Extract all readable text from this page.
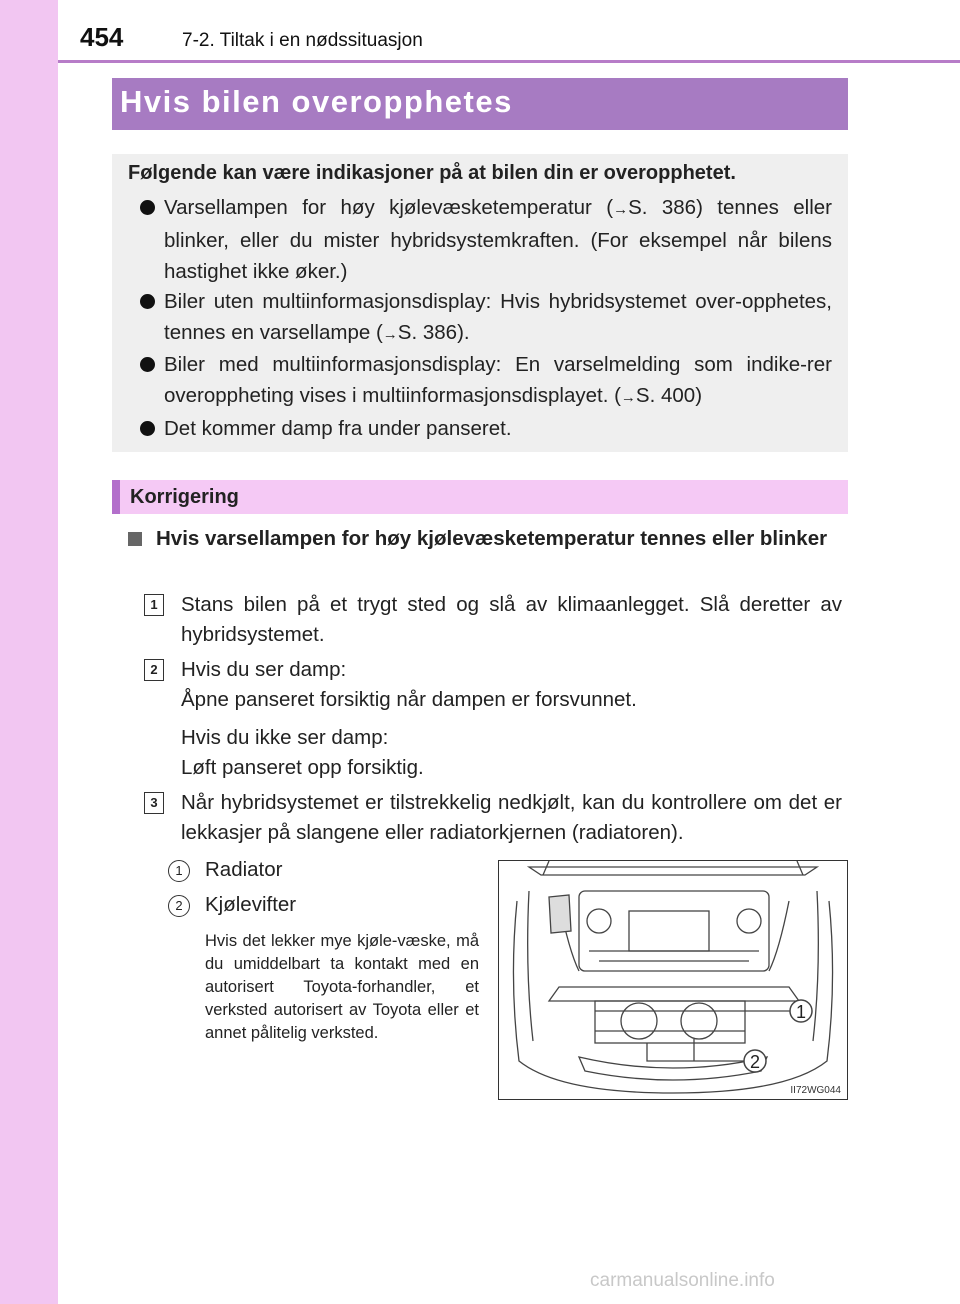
454	7-2. Tiltak i en nødssituasjon
Hvis bilen overopphetes
Følgende kan være indikasjoner på at bilen din er overopphetet.
Varsellampen for høy kjølevæsketemperatur (→S. 386) tennes eller blinker, eller du mister hybridsystemkraften. (For eksempel når bilens hastighet ikke øker.)
Biler uten multiinformasjonsdisplay: Hvis hybridsystemet over-opphetes, tennes en varsellampe (→S. 386).
Biler med multiinformasjonsdisplay: En varselmelding som indike-rer overoppheting vises i multiinformasjonsdisplayet. (→S. 400)
Det kommer damp fra under panseret.
Korrigering
Hvis varsellampen for høy kjølevæsketemperatur tennes eller blinker
1	Stans bilen på et trygt sted og slå av klimaanlegget. Slå deretter av hybridsystemet.
2	Hvis du ser damp:
Åpne panseret forsiktig når dampen er forsvunnet.
Hvis du ikke ser damp:
Løft panseret opp forsiktig.
3	Når hybridsystemet er tilstrekkelig nedkjølt, kan du kontrollere om det er lekkasjer på slangene eller radiatorkjernen (radiatoren).
1	Radiator
2	Kjølevifter
Hvis det lekker mye kjøle-væske, må du umiddelbart ta kontakt med en autorisert Toyota-forhandler, et verksted autorisert av Toyota eller et annet pålitelig verksted.
1
2
II72WG044
carmanualsonline.info
